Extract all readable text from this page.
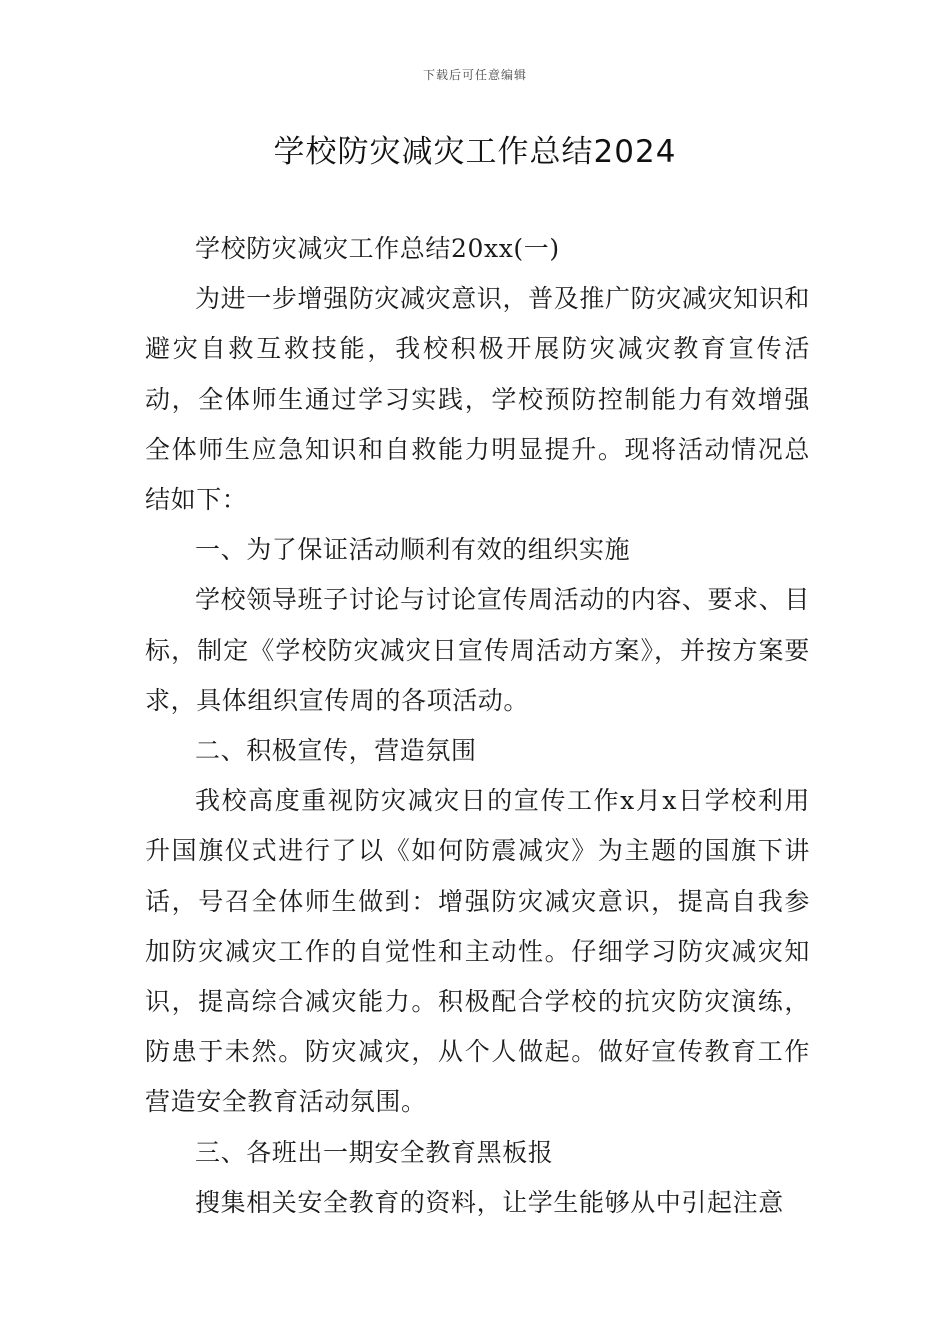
下载后可任意编辑
学校防灾减灾工作总结2024

学校防灾减灾工作总结20xx(一)

为进一步增强防灾减灾意识，普及推广防灾减灾知识和避灾自救互救技能，我校积极开展防灾减灾教育宣传活动，全体师生通过学习实践，学校预防控制能力有效增强全体师生应急知识和自救能力明显提升。现将活动情况总结如下：

一、为了保证活动顺利有效的组织实施

学校领导班子讨论与讨论宣传周活动的内容、要求、目标，制定《学校防灾减灾日宣传周活动方案》，并按方案要求，具体组织宣传周的各项活动。

二、积极宣传，营造氛围

我校高度重视防灾减灾日的宣传工作x月x日学校利用升国旗仪式进行了以《如何防震减灾》为主题的国旗下讲话，号召全体师生做到：增强防灾减灾意识，提高自我参加防灾减灾工作的自觉性和主动性。仔细学习防灾减灾知识，提高综合减灾能力。积极配合学校的抗灾防灾演练，防患于未然。防灾减灾，从个人做起。做好宣传教育工作营造安全教育活动氛围。

三、各班出一期安全教育黑板报

搜集相关安全教育的资料，让学生能够从中引起注意
